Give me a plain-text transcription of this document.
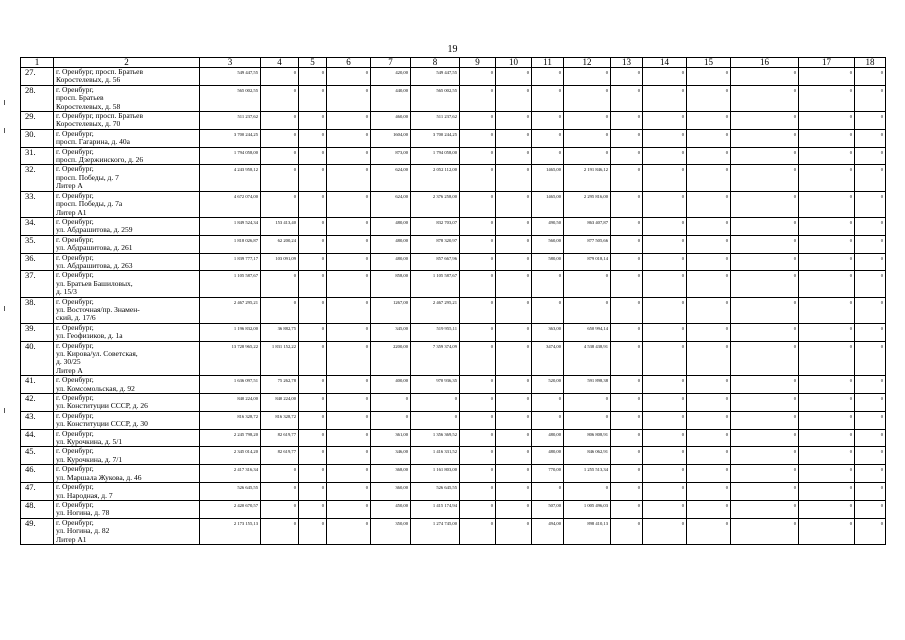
19
1	2	3	4	5	6	7	8	9	10	11	12	13	14	15	16	17	18
27.	г. Оренбург, просп. Братьев
Коростелевых, д. 56	549 447,55	0	0	0	420,00	549 447,55	0	0	0	0	0	0	0	0	0	0
28.	г. Оренбург,
просп. Братьев
Коростелевых, д. 58	565 002,55	0	0	0	440,00	565 002,55	0	0	0	0	0	0	0	0	0	0
29.	г. Оренбург, просп. Братьев
Коростелевых, д. 70	511 237,62	0	0	0	460,00	511 237,62	0	0	0	0	0	0	0	0	0	0
30.	г. Оренбург,
просп. Гагарина, д. 40а	3 700 244,25	0	0	0	1604,00	3 700 244,25	0	0	0	0	0	0	0	0	0	0
31.	г. Оренбург,
просп. Дзержинского, д. 26	1 794 058,00	0	0	0	873,00	1 794 058,00	0	0	0	0	0	0	0	0	0	0
32.	г. Оренбург,
просп. Победы, д. 7
Литер А	4 243 958,12	0	0	0	624,00	2 052 112,00	0	0	1465,00	2 191 846,12	0	0	0	0	0	0
33.	г. Оренбург,
просп. Победы, д. 7а
Литер А1	4 672 074,00	0	0	0	624,00	2 376 258,00	0	0	1465,00	2 295 816,00	0	0	0	0	0	0
34.	г. Оренбург,
ул. Абдрашитова, д. 259	1 849 524,34	153 413,40	0	0	480,00	832 703,07	0	0	490,50	863 407,87	0	0	0	0	0	0
35.	г. Оренбург,
ул. Абдрашитова, д. 261	1 818 026,87	62 200,24	0	0	480,00	878 320,97	0	0	560,00	877 505,66	0	0	0	0	0	0
36.	г. Оренбург,
ул. Абдрашитова, д. 263	1 839 777,17	103 091,09	0	0	480,00	857 667,96	0	0	580,00	879 018,14	0	0	0	0	0	0
37.	г. Оренбург,
ул. Братьев Башиловых,
д. 15/3	1 105 587,67	0	0	0	858,00	1 105 587,67	0	0	0	0	0	0	0	0	0	0
38.	г. Оренбург,
ул. Восточная/пр. Знамен-
ский, д. 17/6	2 467 295,21	0	0	0	1267,00	2 467 295,21	0	0	0	0	0	0	0	0	0	0
39.	г. Оренбург,
ул. Геофизиков, д. 1а	1 196 832,00	36 882,75	0	0	345,00	519 955,11	0	0	363,00	650 994,14	0	0	0	0	0	0
40.	г. Оренбург,
ул. Кирова/ул. Советская,
д. 30/25
Литер А	13 728 965,22	1 831 152,22	0	0	2200,00	7 359 374,09	0	0	3474,00	4 538 438,91	0	0	0	0	0	0
41.	г. Оренбург,
ул. Комсомольская, д. 92	1 636 097,51	75 262,78	0	0	400,00	970 936,35	0	0	520,00	591 898,38	0	0	0	0	0	0
42.	г. Оренбург,
ул. Конституции СССР, д. 26	840 224,00	840 224,00	0	0	0	0	0	0	0	0	0	0	0	0	0	0
43.	г. Оренбург,
ул. Конституции СССР, д. 30	816 328,72	816 328,72	0	0	0	0	0	0	0	0	0	0	0	0	0	0
44.	г. Оренбург,
ул. Курочкина, д. 5/1	2 245 798,20	82 619,77	0	0	361,00	1 356 369,52	0	0	480,00	806 808,91	0	0	0	0	0	0
45.	г. Оренбург,
ул. Курочкина, д. 7/1	2 345 014,20	82 619,77	0	0	346,00	1 416 331,52	0	0	480,00	846 062,91	0	0	0	0	0	0
46.	г. Оренбург,
ул. Маршала Жукова, д. 46	2 417 316,34	0	0	0	368,00	1 161 803,00	0	0	770,00	1 255 513,34	0	0	0	0	0	0
47.	г. Оренбург,
ул. Народная, д. 7	526 645,55	0	0	0	360,00	526 645,55	0	0	0	0	0	0	0	0	0	0
48.	г. Оренбург,
ул. Ногина, д. 78	2 420 670,57	0	0	0	450,00	1 415 174,94	0	0	507,00	1 005 496,03	0	0	0	0	0	0
49.	г. Оренбург,
ул. Ногина, д. 82
Литер А1	2 173 155,13	0	0	0	350,00	1 274 745,00	0	0	494,00	898 410,13	0	0	0	0	0	0
